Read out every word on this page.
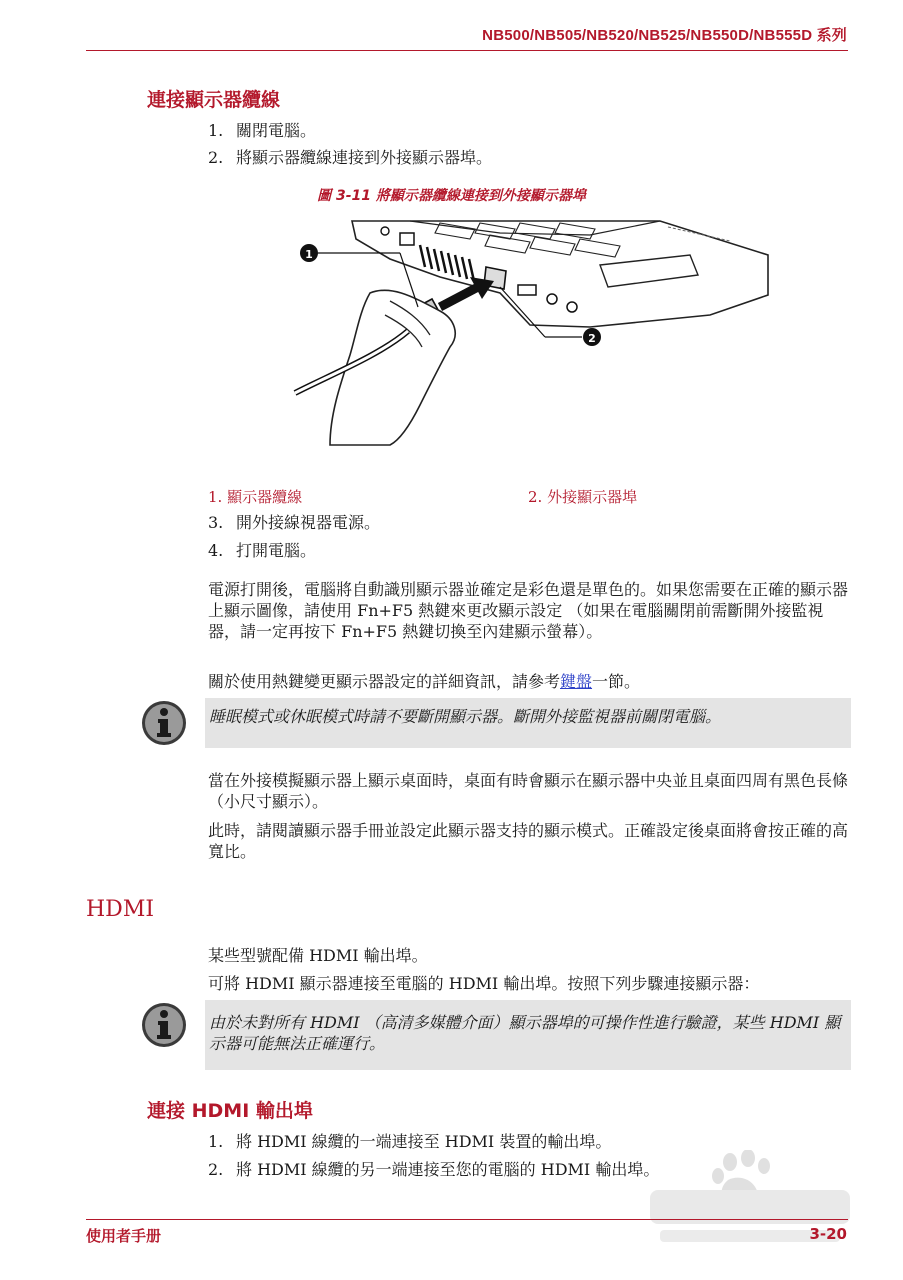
NB500/NB505/NB520/NB525/NB550D/NB555D 系列
連接顯示器纜線
1. 關閉電腦。
2. 將顯示器纜線連接到外接顯示器埠。
圖 3-11 將顯示器纜線連接到外接顯示器埠
1
2
1. 顯示器纜線	2. 外接顯示器埠
3. 開外接線視器電源。
4. 打開電腦。
電源打開後，電腦將自動識別顯示器並確定是彩色還是單色的。如果您需要在正確的顯示器上顯示圖像，請使用 Fn+F5 熱鍵來更改顯示設定 （如果在電腦關閉前需斷開外接監視器，請一定再按下 Fn+F5 熱鍵切換至內建顯示螢幕）。
關於使用熱鍵變更顯示器設定的詳細資訊，請參考鍵盤一節。
睡眠模式或休眠模式時請不要斷開顯示器。斷開外接監視器前關閉電腦。
當在外接模擬顯示器上顯示桌面時，桌面有時會顯示在顯示器中央並且桌面四周有黑色長條 （小尺寸顯示）。
此時，請閱讀顯示器手冊並設定此顯示器支持的顯示模式。正確設定後桌面將會按正確的高寬比。
HDMI
某些型號配備 HDMI 輸出埠。
可將 HDMI 顯示器連接至電腦的 HDMI 輸出埠。按照下列步驟連接顯示器：
由於未對所有 HDMI （高清多媒體介面）顯示器埠的可操作性進行驗證，某些 HDMI 顯示器可能無法正確運行。
連接 HDMI 輸出埠
1. 將 HDMI 線纜的一端連接至 HDMI 裝置的輸出埠。
2. 將 HDMI 線纜的另一端連接至您的電腦的 HDMI 輸出埠。
使用者手册	3-20
